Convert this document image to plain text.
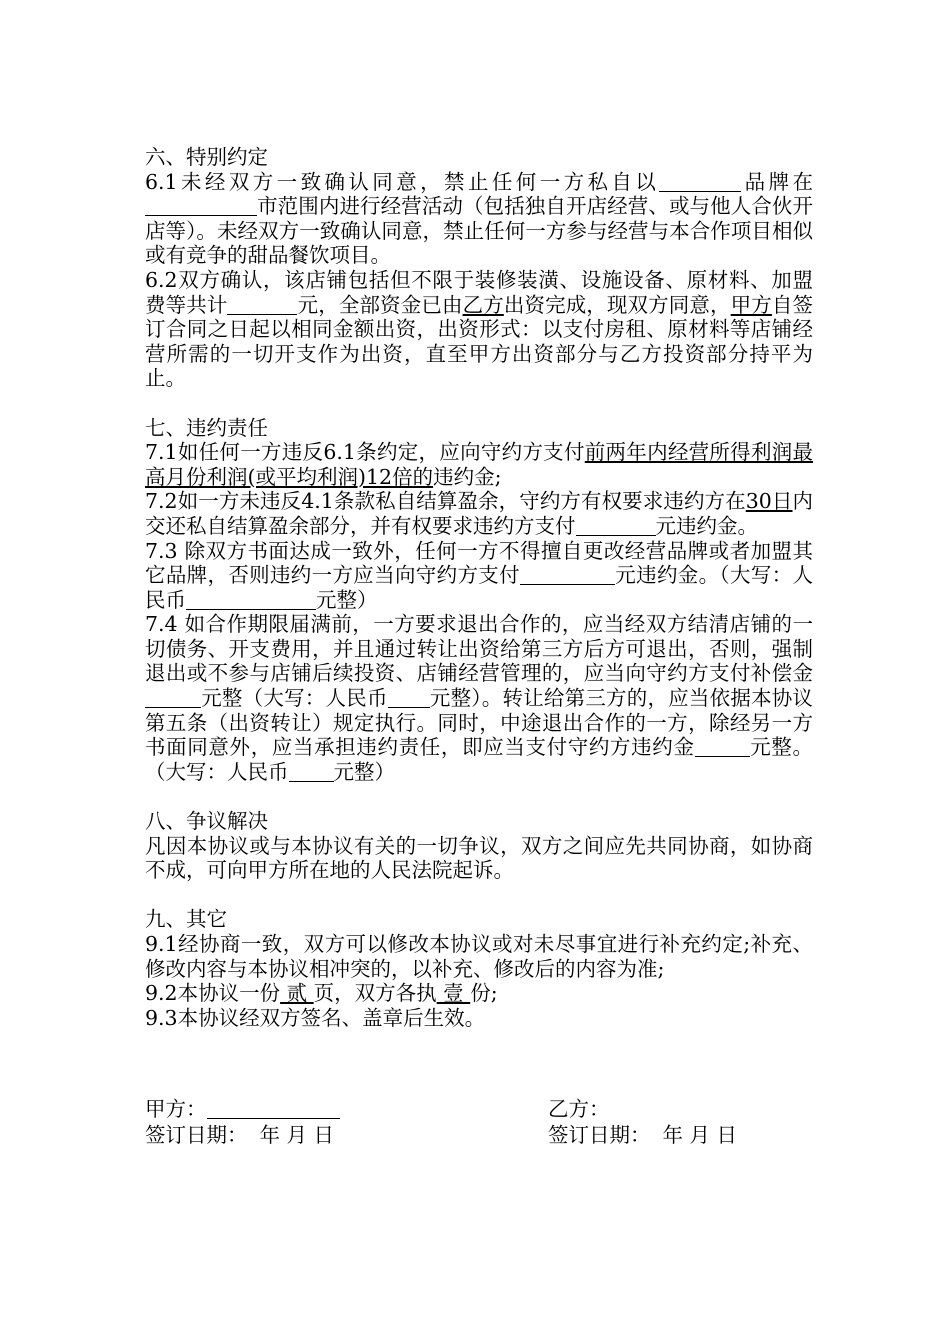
六、特别约定

6.1未经双方一致确认同意，禁止任何一方私自以	品牌在市范围内进行经营活动（包括独自开店经营、或与他人合伙开店等）。未经双方一致确认同意，禁止任何一方参与经营与本合作项目相似或有竞争的甜品餐饮项目。

6.2双方确认，该店铺包括但不限于装修装潢、设施设备、原材料、加盟费等共计	元，全部资金已由乙方出资完成，现双方同意，甲方自签订合同之日起以相同金额出资，出资形式：以支付房租、原材料等店铺经营所需的一切开支作为出资，直至甲方出资部分与乙方投资部分持平为止。

七、违约责任

7.1如任何一方违反6.1条约定，应向守约方支付前两年内经营所得利润最高月份利润(或平均利润)12倍的违约金;

7.2如一方未违反4.1条款私自结算盈余，守约方有权要求违约方在30日内交还私自结算盈余部分，并有权要求违约方支付	元违约金。

7.3 除双方书面达成一致外，任何一方不得擅自更改经营品牌或者加盟其它品牌，否则违约一方应当向守约方支付	元违约金。（大写：人民币	元整）

7.4 如合作期限届满前，一方要求退出合作的，应当经双方结清店铺的一切债务、开支费用，并且通过转让出资给第三方后方可退出，否则，强制退出或不参与店铺后续投资、店铺经营管理的，应当向守约方支付补偿金元整（大写：人民币 元整）。转让给第三方的，应当依据本协议第五条（出资转让）规定执行。同时，中途退出合作的一方，除经另一方书面同意外，应当承担违约责任，即应当支付守约方违约金	元整。（大写：人民币 元整）

八、争议解决

凡因本协议或与本协议有关的一切争议，双方之间应先共同协商，如协商不成，可向甲方所在地的人民法院起诉。

九、其它

9.1经协商一致，双方可以修改本协议或对未尽事宜进行补充约定;补充、修改内容与本协议相冲突的，以补充、修改后的内容为准;

9.2本协议一份 贰 页，双方各执 壹 份;

9.3本协议经双方签名、盖章后生效。

甲方：
签订日期： 年 月 日
乙方：
签订日期： 年 月 日
